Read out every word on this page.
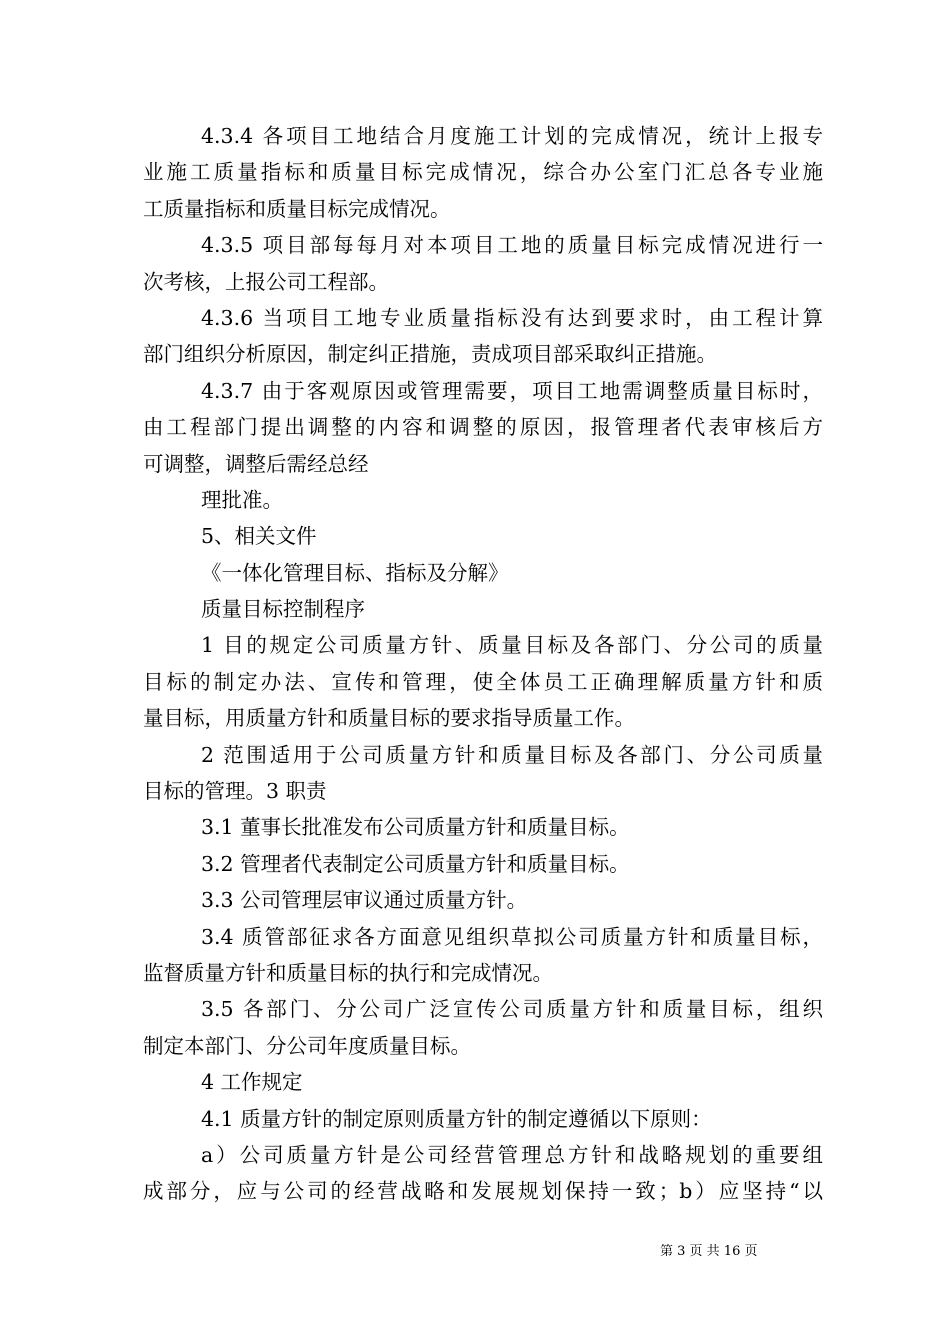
4.3.4 各项目工地结合月度施工计划的完成情况，统计上报专
业施工质量指标和质量目标完成情况，综合办公室门汇总各专业施
工质量指标和质量目标完成情况。
4.3.5 项目部每每月对本项目工地的质量目标完成情况进行一
次考核，上报公司工程部。
4.3.6 当项目工地专业质量指标没有达到要求时，由工程计算
部门组织分析原因，制定纠正措施，责成项目部采取纠正措施。
4.3.7 由于客观原因或管理需要，项目工地需调整质量目标时，
由工程部门提出调整的内容和调整的原因，报管理者代表审核后方
可调整，调整后需经总经
理批准。
5、相关文件
《一体化管理目标、指标及分解》
质量目标控制程序
1 目的规定公司质量方针、质量目标及各部门、分公司的质量
目标的制定办法、宣传和管理，使全体员工正确理解质量方针和质
量目标，用质量方针和质量目标的要求指导质量工作。
2 范围适用于公司质量方针和质量目标及各部门、分公司质量
目标的管理。3 职责
3.1 董事长批准发布公司质量方针和质量目标。
3.2 管理者代表制定公司质量方针和质量目标。
3.3 公司管理层审议通过质量方针。
3.4 质管部征求各方面意见组织草拟公司质量方针和质量目标，
监督质量方针和质量目标的执行和完成情况。
3.5 各部门、分公司广泛宣传公司质量方针和质量目标，组织
制定本部门、分公司年度质量目标。
4 工作规定
4.1 质量方针的制定原则质量方针的制定遵循以下原则：
a）公司质量方针是公司经营管理总方针和战略规划的重要组
成部分，应与公司的经营战略和发展规划保持一致；b）应坚持“以
第 3 页 共 16 页
